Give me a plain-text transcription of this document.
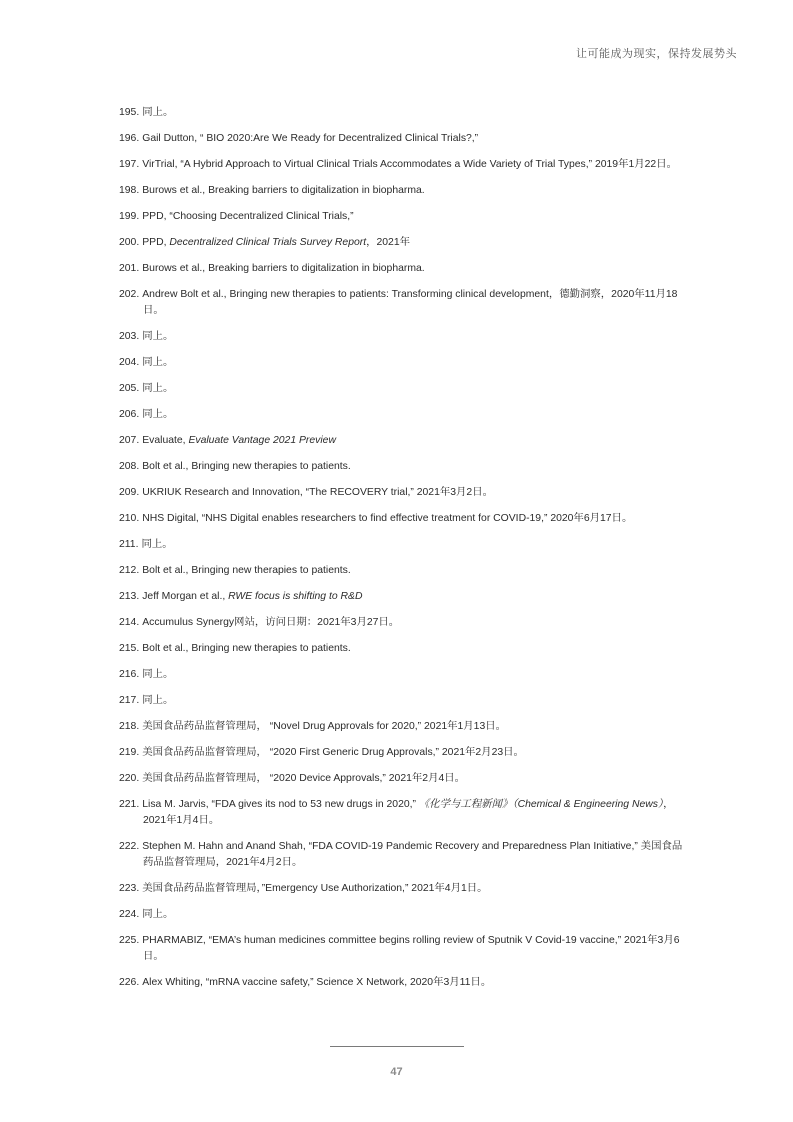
让可能成为现实，保持发展势头
195. 同上。
196. Gail Dutton, “ BIO 2020:Are We Ready for Decentralized Clinical Trials?,”
197. VirTrial, “A Hybrid Approach to Virtual Clinical Trials Accommodates a Wide Variety of Trial Types,” 2019年1月22日。
198. Burows et al., Breaking barriers to digitalization in biopharma.
199. PPD, “Choosing Decentralized Clinical Trials,”
200. PPD, Decentralized Clinical Trials Survey Report，2021年
201. Burows et al., Breaking barriers to digitalization in biopharma.
202. Andrew Bolt et al., Bringing new therapies to patients: Transforming clinical development，德勤洞察，2020年11月18日。
203. 同上。
204. 同上。
205. 同上。
206. 同上。
207. Evaluate, Evaluate Vantage 2021 Preview
208. Bolt et al., Bringing new therapies to patients.
209. UKRIUK Research and Innovation, “The RECOVERY trial,” 2021年3月2日。
210. NHS Digital, “NHS Digital enables researchers to find effective treatment for COVID-19,” 2020年6月17日。
211. 同上。
212. Bolt et al., Bringing new therapies to patients.
213. Jeff Morgan et al., RWE focus is shifting to R&D
214. Accumulus Synergy网站，访问日期：2021年3月27日。
215. Bolt et al., Bringing new therapies to patients.
216. 同上。
217. 同上。
218. 美国食品药品监督管理局， “Novel Drug Approvals for 2020,” 2021年1月13日。
219. 美国食品药品监督管理局， “2020 First Generic Drug Approvals,” 2021年2月23日。
220. 美国食品药品监督管理局， “2020 Device Approvals,” 2021年2月4日。
221. Lisa M. Jarvis, “FDA gives its nod to 53 new drugs in 2020,” 《化学与工程新闻》（Chemical & Engineering News），2021年1月4日。
222. Stephen M. Hahn and Anand Shah, “FDA COVID-19 Pandemic Recovery and Preparedness Plan Initiative,” 美国食品药品监督管理局，2021年4月2日。
223. 美国食品药品监督管理局，”Emergency Use Authorization,” 2021年4月1日。
224. 同上。
225. PHARMABIZ, “EMA’s human medicines committee begins rolling review of Sputnik V Covid-19 vaccine,” 2021年3月6日。
226. Alex Whiting, “mRNA vaccine safety,” Science X Network, 2020年3月11日。
47
